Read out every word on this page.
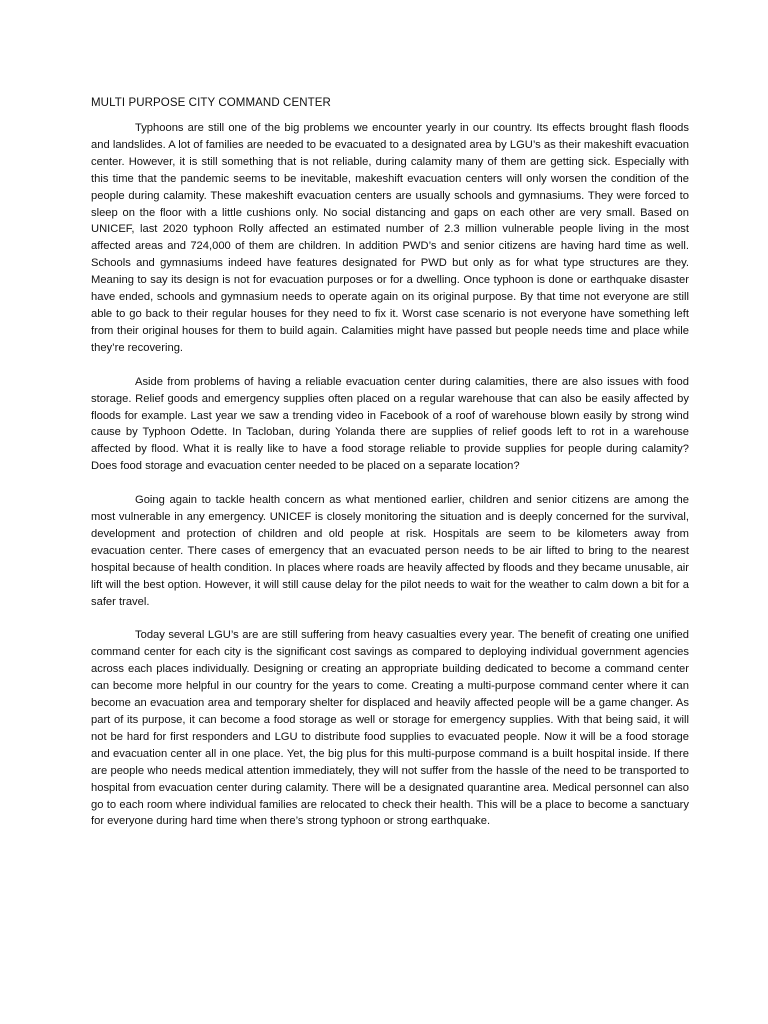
MULTI PURPOSE CITY COMMAND CENTER

Typhoons are still one of the big problems we encounter yearly in our country. Its effects brought flash floods and landslides. A lot of families are needed to be evacuated to a designated area by LGU’s as their makeshift evacuation center. However, it is still something that is not reliable, during calamity many of them are getting sick. Especially with this time that the pandemic seems to be inevitable, makeshift evacuation centers will only worsen the condition of the people during calamity. These makeshift evacuation centers are usually schools and gymnasiums. They were forced to sleep on the floor with a little cushions only. No social distancing and gaps on each other are very small. Based on UNICEF, last 2020 typhoon Rolly affected an estimated number of 2.3 million vulnerable people living in the most affected areas and 724,000 of them are children. In addition PWD’s and senior citizens are having hard time as well. Schools and gymnasiums indeed have features designated for PWD but only as for what type structures are they. Meaning to say its design is not for evacuation purposes or for a dwelling. Once typhoon is done or earthquake disaster have ended, schools and gymnasium needs to operate again on its original purpose. By that time not everyone are still able to go back to their regular houses for they need to fix it. Worst case scenario is not everyone have something left from their original houses for them to build again. Calamities might have passed but people needs time and place while they’re recovering.

Aside from problems of having a reliable evacuation center during calamities, there are also issues with food storage. Relief goods and emergency supplies often placed on a regular warehouse that can also be easily affected by floods for example. Last year we saw a trending video in Facebook of a roof of warehouse blown easily by strong wind cause by Typhoon Odette. In Tacloban, during Yolanda there are supplies of relief goods left to rot in a warehouse affected by flood. What it is really like to have a food storage reliable to provide supplies for people during calamity? Does food storage and evacuation center needed to be placed on a separate location?

Going again to tackle health concern as what mentioned earlier, children and senior citizens are among the most vulnerable in any emergency. UNICEF is closely monitoring the situation and is deeply concerned for the survival, development and protection of children and old people at risk. Hospitals are seem to be kilometers away from evacuation center. There cases of emergency that an evacuated person needs to be air lifted to bring to the nearest hospital because of health condition. In places where roads are heavily affected by floods and they became unusable, air lift will the best option. However, it will still cause delay for the pilot needs to wait for the weather to calm down a bit for a safer travel.

Today several LGU’s are are still suffering from heavy casualties every year. The benefit of creating one unified command center for each city is the significant cost savings as compared to deploying individual government agencies across each places individually. Designing or creating an appropriate building dedicated to become a command center can become more helpful in our country for the years to come. Creating a multi-purpose command center where it can become an evacuation area and temporary shelter for displaced and heavily affected people will be a game changer. As part of its purpose, it can become a food storage as well or storage for emergency supplies. With that being said, it will not be hard for first responders and LGU to distribute food supplies to evacuated people. Now it will be a food storage and evacuation center all in one place. Yet, the big plus for this multi-purpose command is a built hospital inside. If there are people who needs medical attention immediately, they will not suffer from the hassle of the need to be transported to hospital from evacuation center during calamity. There will be a designated quarantine area. Medical personnel can also go to each room where individual families are relocated to check their health. This will be a place to become a sanctuary for everyone during hard time when there’s strong typhoon or strong earthquake.
